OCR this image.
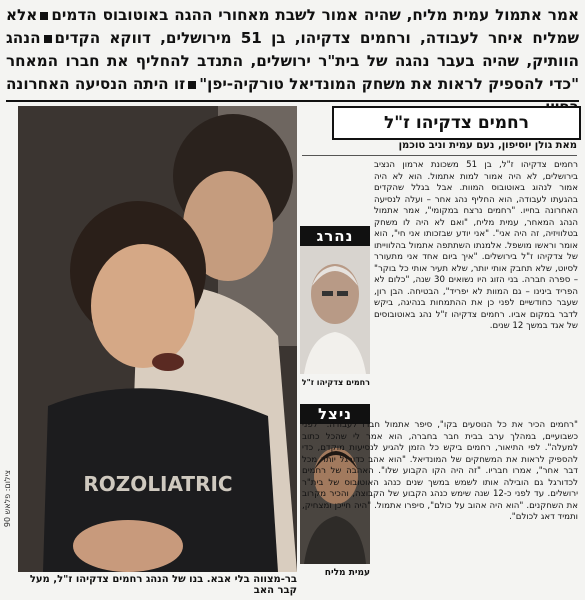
אמר אתמול עמית מליח, שהיה אמור לשבת מאחורי ההגה באוטובוס הדמיםאלא שמליח איחר לעבודה, ורחמים צדקיהו, בן 51 מירושלים, דווקא הקדיםהנהג הוותיק, שהיה בעבר נהגה של בית"ר ירושלים, התנדב להחליף את חברו המאחר "כדי להספיק לראות את משחק המונדיאל טורקיה-יפן"זו היתה הנסיעה האחרונה
ROZOLIATRIC
צילום: פלאש 90
בר-מצווה בלי אבא. בנו של הנהג רחמים צדקיהו ז"ל, מעל קבר האב
רחמים צדקיהו ז"ל
מאת גולן יוסיפון, נעם עמית וניב טוכמן
רחמים צדקיהו ז"ל, בן 51 משכונת ארמון הנציב בירושלים, לא היה אמור למות אתמול. הוא לא היה אמור לנהוג באוטובוס המוות. אבל בגלל שהקדים בהגעתו לעבודה, הוא החליף נהג אחר – ועלה לנסיעה האחרונה בחייו. "רחמים נרצח במקומי", אמר אתמול הנהג המאחר, עמית מליח, "ואם לא היה לו משחק בטלוויזיה, זה היה אני". "אני יודע שבזכותו אני חי", הוא אומר וראשו מושפל. אלמנתו השתתפה אתמול בהלווייתו של צדקיהו ז"ל בירושלים. "איך ביום אחד אני מתעורר לסיוט, שלא תחבק אותי יותר, שלא תעיר אותי כל בוקר" – ספרה חברה. בני הזוג היו נשואים 30 שנה, "כלום לא הפריד בינינו – גם המוות לא יפריד", הבטיחה. הבן רון, שעבר כחודשיים לפני כן את ההתמחות בנהיגה, ביקש לדבר במקום אביו. רחמים צדקיהו ז"ל נהג באוטובוסים של אגד במשך 12 שנים.
נהרג
רחמים צדקיהו ז"ל
ניצל
עמית מליח
"רחמים הכיר את כל הנוסעים בקו", סיפר אתמול חברו לעבודה. "לפני כשבועיים, במהלך ערב בבית חבר בחברה, הוא אמר לי שהכל כתוב למעלה". לפי התיאור, רחמים ביקש כל הזמן להגיע לנסיעות מוקדם, כדי להספיק לראות את המשחקים של המונדיאל. "הוא אהב כדורגל יותר מכל דבר אחר", אמרו חבריו. "זה היה הקו הקבוע שלו". האהבה של רחמים לכדורגל גם הובילה אותו לשמש במשך שנים כנהג האוטובוס של בית"ר ירושלים. עד לפני כ-12 שנה שימש כנהג הקבוע של הקבוצה, והכיר מקרוב את השחקנים. "הוא היה אהוב על כולם", סיפרו אתמול. "היה חייכן ומצחיק, ותמיד דאג לכולם".
